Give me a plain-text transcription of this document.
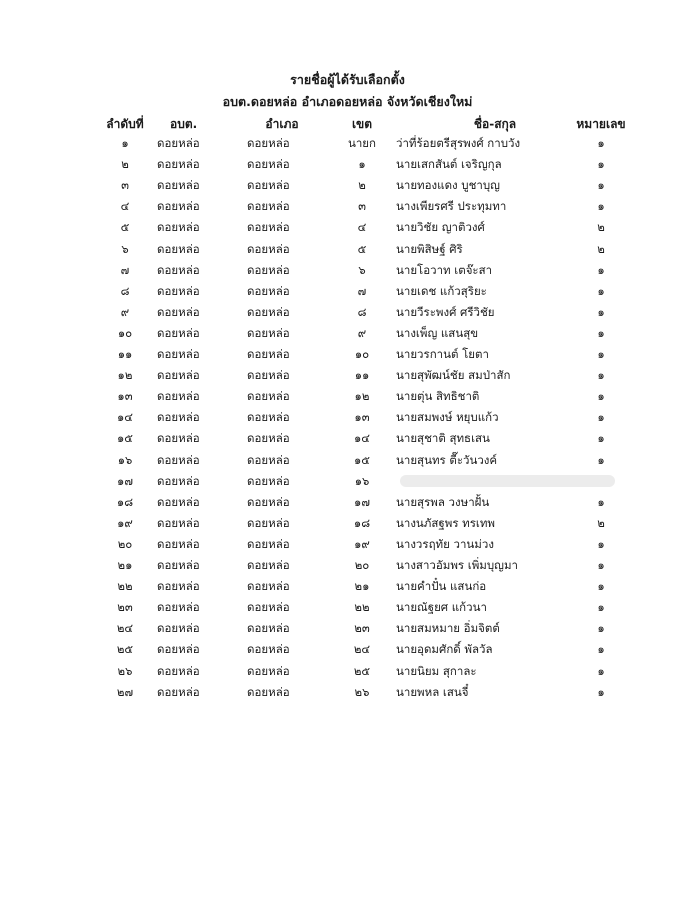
รายชื่อผู้ได้รับเลือกตั้ง
อบต.ดอยหล่อ อำเภอดอยหล่อ จังหวัดเชียงใหม่
ลำดับที่	อบต.	อำเภอ	เขต	ชื่อ-สกุล	หมายเลข
๑	ดอยหล่อ	ดอยหล่อ	นายก	ว่าที่ร้อยตรีสุรพงศ์ กาบวัง	๑
๒	ดอยหล่อ	ดอยหล่อ	๑	นายเสกสันต์ เจริญกุล	๑
๓	ดอยหล่อ	ดอยหล่อ	๒	นายทองแดง บูชาบุญ	๑
๔	ดอยหล่อ	ดอยหล่อ	๓	นางเพียรศรี ประทุมทา	๑
๕	ดอยหล่อ	ดอยหล่อ	๔	นายวิชัย ญาติวงศ์	๒
๖	ดอยหล่อ	ดอยหล่อ	๕	นายพิสิษฐ์ ศิริ	๒
๗	ดอยหล่อ	ดอยหล่อ	๖	นายโอวาท เตจ๊ะสา	๑
๘	ดอยหล่อ	ดอยหล่อ	๗	นายเดช แก้วสุริยะ	๑
๙	ดอยหล่อ	ดอยหล่อ	๘	นายวีระพงศ์ ศรีวิชัย	๑
๑๐	ดอยหล่อ	ดอยหล่อ	๙	นางเพ็ญ แสนสุข	๑
๑๑	ดอยหล่อ	ดอยหล่อ	๑๐	นายวรกานต์ โยตา	๑
๑๒	ดอยหล่อ	ดอยหล่อ	๑๑	นายสุพัฒน์ชัย สมป่าสัก	๑
๑๓	ดอยหล่อ	ดอยหล่อ	๑๒	นายตุ่น สิทธิชาติ	๑
๑๔	ดอยหล่อ	ดอยหล่อ	๑๓	นายสมพงษ์ หยุบแก้ว	๑
๑๕	ดอยหล่อ	ดอยหล่อ	๑๔	นายสุชาติ สุทธเสน	๑
๑๖	ดอยหล่อ	ดอยหล่อ	๑๕	นายสุนทร ตื๊ะวันวงค์	๑
๑๗	ดอยหล่อ	ดอยหล่อ	๑๖
๑๘	ดอยหล่อ	ดอยหล่อ	๑๗	นายสุรพล วงษาฝั้น	๑
๑๙	ดอยหล่อ	ดอยหล่อ	๑๘	นางนภัสฐพร ทรเทพ	๒
๒๐	ดอยหล่อ	ดอยหล่อ	๑๙	นางวรฤทัย วานม่วง	๑
๒๑	ดอยหล่อ	ดอยหล่อ	๒๐	นางสาวอัมพร เพิ่มบุญมา	๑
๒๒	ดอยหล่อ	ดอยหล่อ	๒๑	นายคำปั๋น แสนก่อ	๑
๒๓	ดอยหล่อ	ดอยหล่อ	๒๒	นายณัฐยศ แก้วนา	๑
๒๔	ดอยหล่อ	ดอยหล่อ	๒๓	นายสมหมาย อิ่มจิตต์	๑
๒๕	ดอยหล่อ	ดอยหล่อ	๒๔	นายอุดมศักดิ์ พัลวัล	๑
๒๖	ดอยหล่อ	ดอยหล่อ	๒๕	นายนิยม สุกาละ	๑
๒๗	ดอยหล่อ	ดอยหล่อ	๒๖	นายพหล เสนจี๋	๑
